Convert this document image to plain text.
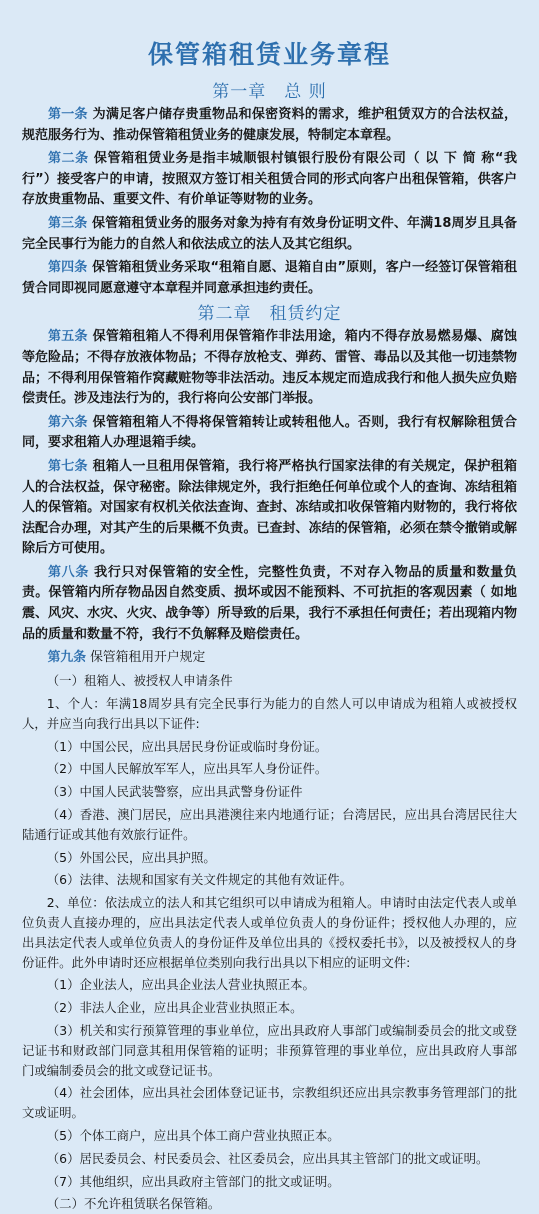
保管箱租赁业务章程
第一章　总 则

第一条 为满足客户储存贵重物品和保密资料的需求，维护租赁双方的合法权益，规范服务行为、推动保管箱租赁业务的健康发展，特制定本章程。

第二条 保管箱租赁业务是指丰城顺银村镇银行股份有限公司（ 以 下 简 称“我行”）接受客户的申请，按照双方签订相关租赁合同的形式向客户出租保管箱，供客户存放贵重物品、重要文件、有价单证等财物的业务。

第三条 保管箱租赁业务的服务对象为持有有效身份证明文件、年满18周岁且具备完全民事行为能力的自然人和依法成立的法人及其它组织。

第四条 保管箱租赁业务采取“租箱自愿、退箱自由”原则，客户一经签订保管箱租赁合同即视同愿意遵守本章程并同意承担违约责任。

第二章　租赁约定

第五条 保管箱租箱人不得利用保管箱作非法用途，箱内不得存放易燃易爆、腐蚀等危险品；不得存放液体物品；不得存放枪支、弹药、雷管、毒品以及其他一切违禁物品；不得利用保管箱作窝藏赃物等非法活动。违反本规定而造成我行和他人损失应负赔偿责任。涉及违法行为的，我行将向公安部门举报。

第六条 保管箱租箱人不得将保管箱转让或转租他人。否则，我行有权解除租赁合同，要求租箱人办理退箱手续。

第七条 租箱人一旦租用保管箱，我行将严格执行国家法律的有关规定，保护租箱人的合法权益，保守秘密。除法律规定外，我行拒绝任何单位或个人的查询、冻结租箱人的保管箱。对国家有权机关依法查询、查封、冻结或扣收保管箱内财物的，我行将依法配合办理，对其产生的后果概不负责。已查封、冻结的保管箱，必须在禁令撤销或解除后方可使用。

第八条 我行只对保管箱的安全性，完整性负责，不对存入物品的质量和数量负责。保管箱内所存物品因自然变质、损坏或因不能预料、不可抗拒的客观因素（ 如地震、风灾、水灾、火灾、战争等）所导致的后果，我行不承担任何责任；若出现箱内物品的质量和数量不符，我行不负解释及赔偿责任。

第九条 保管箱租用开户规定

（一）租箱人、被授权人申请条件

1、个人：年满18周岁具有完全民事行为能力的自然人可以申请成为租箱人或被授权人，并应当向我行出具以下证件:

（1）中国公民，应出具居民身份证或临时身份证。

（2）中国人民解放军军人，应出具军人身份证件。

（3）中国人民武装警察，应出具武警身份证件

（4）香港、澳门居民，应出具港澳往来内地通行证；台湾居民，应出具台湾居民往大陆通行证或其他有效旅行证件。

（5）外国公民，应出具护照。

（6）法律、法规和国家有关文件规定的其他有效证件。

2、单位：依法成立的法人和其它组织可以申请成为租箱人。申请时由法定代表人或单位负责人直接办理的，应出具法定代表人或单位负责人的身份证件；授权他人办理的，应出具法定代表人或单位负责人的身份证件及单位出具的《授权委托书》，以及被授权人的身份证件。此外申请时还应根据单位类别向我行出具以下相应的证明文件:

（1）企业法人，应出具企业法人营业执照正本。

（2）非法人企业，应出具企业营业执照正本。

（3）机关和实行预算管理的事业单位，应出具政府人事部门或编制委员会的批文或登记证书和财政部门同意其租用保管箱的证明；非预算管理的事业单位，应出具政府人事部门或编制委员会的批文或登记证书。

（4）社会团体，应出具社会团体登记证书，宗教组织还应出具宗教事务管理部门的批文或证明。

（5）个体工商户，应出具个体工商户营业执照正本。

（6）居民委员会、村民委员会、社区委员会，应出具其主管部门的批文或证明。

（7）其他组织，应出具政府主管部门的批文或证明。

（二）不允许租赁联名保管箱。
